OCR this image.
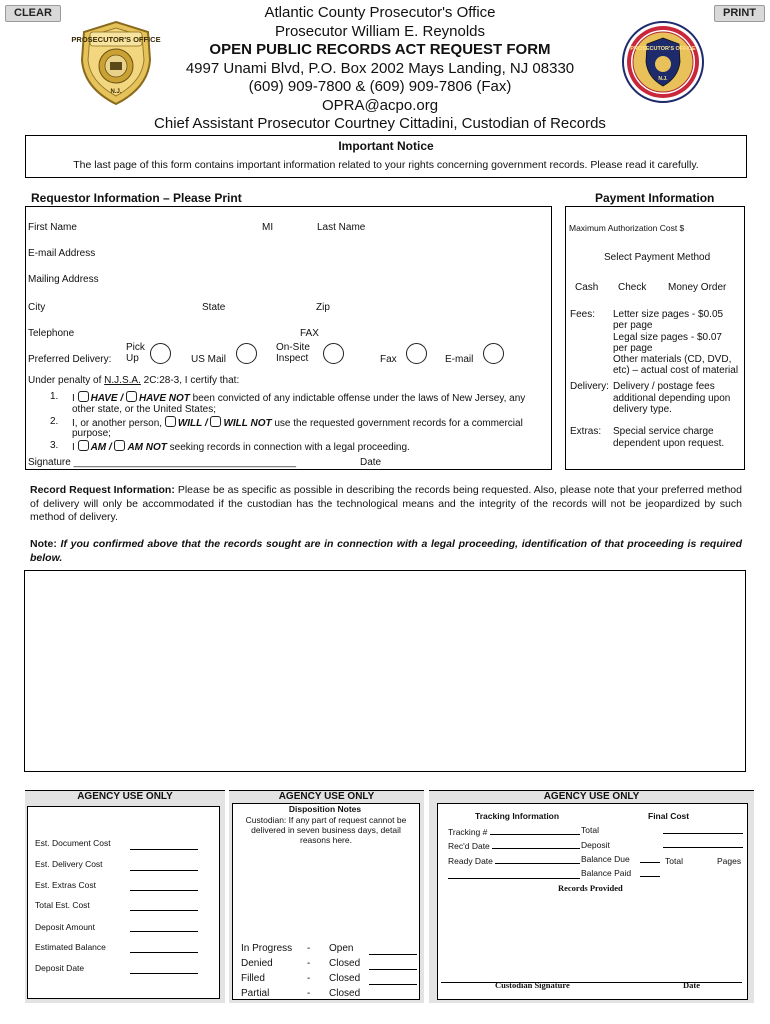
CLEAR	PRINT
PROSECUTOR'S OFFICE
N.J.
PROSECUTOR'S OFFICE
N.J.
Atlantic County Prosecutor's Office
Prosecutor William E. Reynolds
OPEN PUBLIC RECORDS ACT REQUEST FORM
4997 Unami Blvd, P.O. Box 2002 Mays Landing, NJ 08330
(609) 909-7800 & (609) 909-7806 (Fax)
OPRA@acpo.org
Chief Assistant Prosecutor Courtney Cittadini, Custodian of Records
Important Notice
The last page of this form contains important information related to your rights concerning government records. Please read it carefully.
Requestor Information – Please Print	Payment Information
First Name	MI	Last Name
E-mail Address
Mailing Address
City	State	Zip
Telephone	FAX
Preferred Delivery:
Pick
Up	US Mail
On-Site
Inspect	Fax	E-mail
Under penalty of N.J.S.A. 2C:28-3, I certify that:
1. I HAVE / HAVE NOT been convicted of any indictable offense under the laws of New Jersey, any
other state, or the United States;
2. I, or another person, WILL / WILL NOT use the requested government records for a commercial
purpose;
3. I AM / AM NOT seeking records in connection with a legal proceeding.
Signature ________________________________________	Date
Maximum Authorization Cost $
Select Payment Method
Cash Check Money Order
Fees: Letter size pages - $0.05
per page
Legal size pages - $0.07
per page
Other materials (CD, DVD,
etc) – actual cost of material
Delivery: Delivery / postage fees
additional depending upon
delivery type.
Extras: Special service charge
dependent upon request.
Record Request Information: Please be as specific as possible in describing the records being requested. Also, please note that your preferred method of delivery will only be accommodated if the custodian has the technological means and the integrity of the records will not be jeopardized by such method of delivery.
Note: If you confirmed above that the records sought are in connection with a legal proceeding, identification of that proceeding is required below.
AGENCY USE ONLY	AGENCY USE ONLY	AGENCY USE ONLY
Est. Document Cost
Est. Delivery Cost
Est. Extras Cost
Total Est. Cost
Deposit Amount
Estimated Balance
Deposit Date
Disposition Notes
Custodian: If any part of request cannot be delivered in seven business days, detail reasons here.
In Progress - Open
Denied	- Closed
Filled	- Closed
Partial	- Closed
Tracking Information	Final Cost
Tracking #
Rec'd Date
Ready Date
Total
Deposit
Balance Due
Balance Paid
Total	Pages
Records Provided
Custodian Signature	Date
